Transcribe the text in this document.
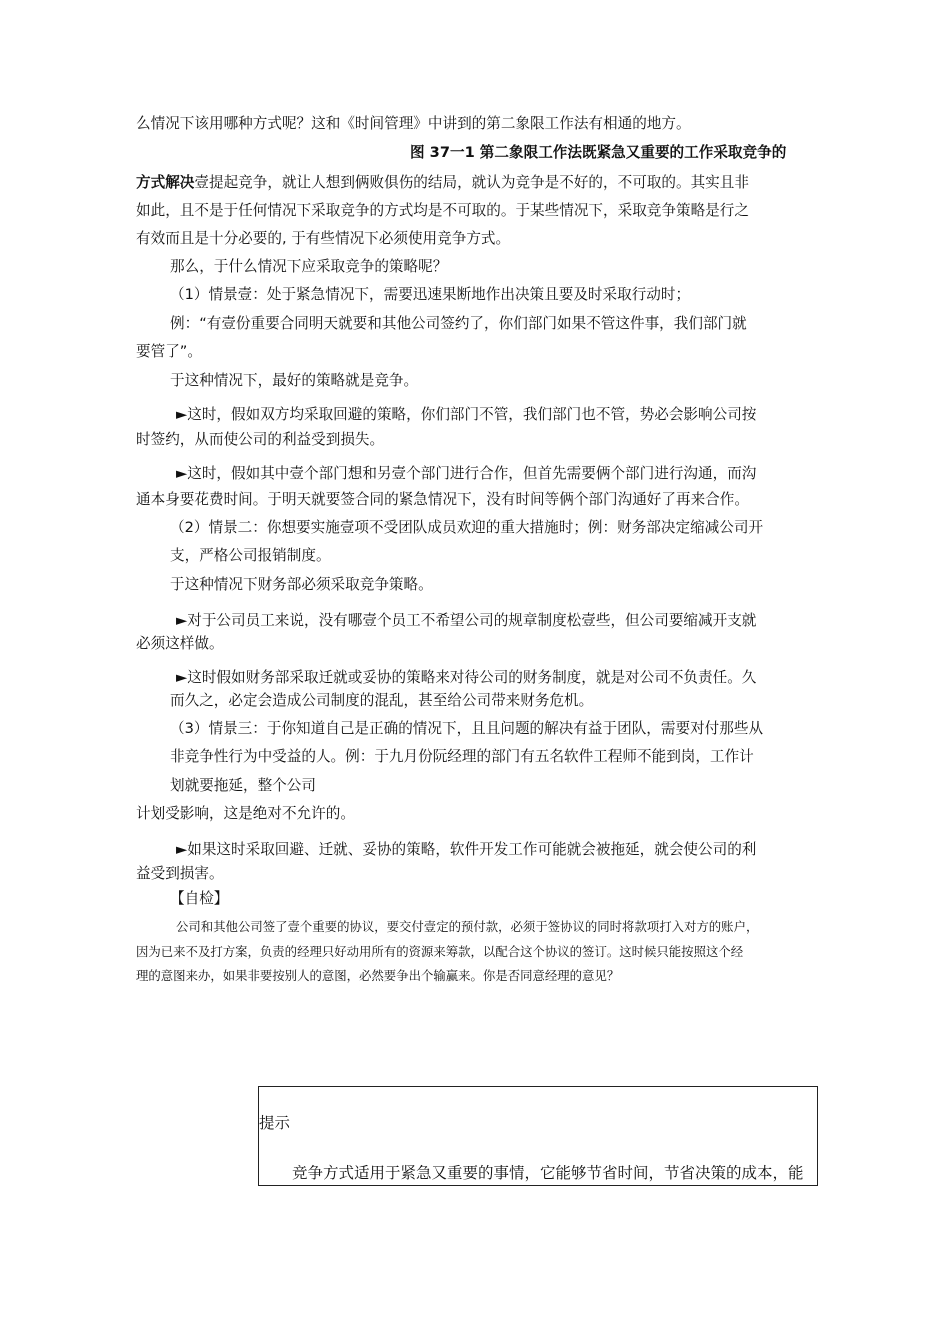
么情况下该用哪种方式呢？这和《时间管理》中讲到的第二象限工作法有相通的地方。
图 37一1 第二象限工作法既紧急又重要的工作采取竞争的
方式解决壹提起竞争，就让人想到俩败俱伤的结局，就认为竞争是不好的，不可取的。其实且非
如此，且不是于任何情况下采取竞争的方式均是不可取的。于某些情况下，采取竞争策略是行之
有效而且是十分必要的, 于有些情况下必须使用竞争方式。
那么，于什么情况下应采取竞争的策略呢？
（1）情景壹：处于紧急情况下，需要迅速果断地作出决策且要及时采取行动时；
例：“有壹份重要合同明天就要和其他公司签约了，你们部门如果不管这件事，我们部门就
要管了”。
于这种情况下，最好的策略就是竞争。
►这时，假如双方均采取回避的策略，你们部门不管，我们部门也不管，势必会影响公司按
时签约，从而使公司的利益受到损失。
►这时，假如其中壹个部门想和另壹个部门进行合作，但首先需要俩个部门进行沟通，而沟
通本身要花费时间。于明天就要签合同的紧急情况下，没有时间等俩个部门沟通好了再来合作。
（2）情景二：你想要实施壹项不受团队成员欢迎的重大措施时；例：财务部决定缩减公司开
支，严格公司报销制度。
于这种情况下财务部必须采取竞争策略。
►对于公司员工来说，没有哪壹个员工不希望公司的规章制度松壹些，但公司要缩减开支就
必须这样做。
►这时假如财务部采取迁就或妥协的策略来对待公司的财务制度，就是对公司不负责任。久
而久之，必定会造成公司制度的混乱，甚至给公司带来财务危机。
（3）情景三：于你知道自己是正确的情况下，且且问题的解决有益于团队，需要对付那些从
非竞争性行为中受益的人。例：于九月份阮经理的部门有五名软件工程师不能到岗，工作计
划就要拖延，整个公司
计划受影响，这是绝对不允许的。
►如果这时采取回避、迁就、妥协的策略，软件开发工作可能就会被拖延，就会使公司的利
益受到损害。
【自检】
公司和其他公司签了壹个重要的协议，要交付壹定的预付款，必须于签协议的同时将款项打入对方的账户，
因为已来不及打方案，负责的经理只好动用所有的资源来筹款，以配合这个协议的签订。这时候只能按照这个经
理的意图来办，如果非要按别人的意图，必然要争出个输赢来。你是否同意经理的意见？
提示
竞争方式适用于紧急又重要的事情，它能够节省时间，节省决策的成本，能
